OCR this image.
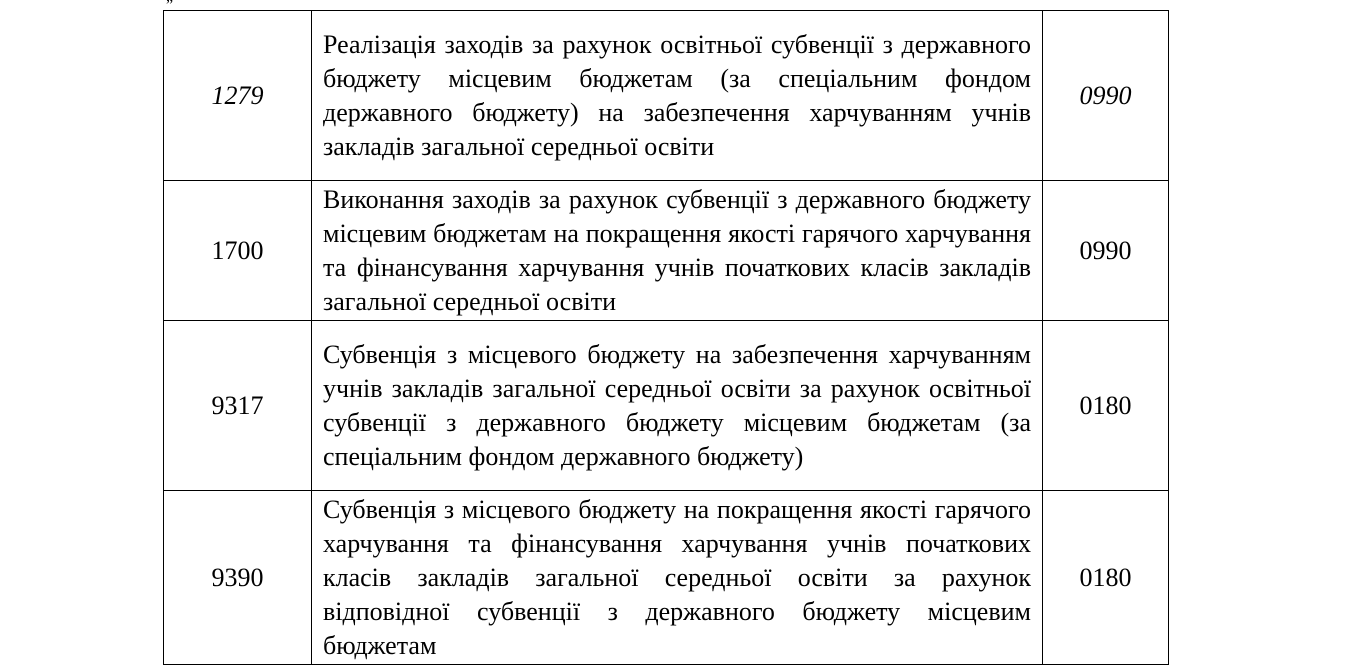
1279	Реалізація заходів за рахунок освітньої субвенції з державного бюджету місцевим бюджетам (за спеціальним фондом державного бюджету) на забезпечення харчуванням учнів закладів загальної середньої освіти	0990
1700	Виконання заходів за рахунок субвенції з державного бюджету місцевим бюджетам на покращення якості гарячого харчування та фінансування харчування учнів початкових класів закладів загальної середньої освіти	0990
9317	Субвенція з місцевого бюджету на забезпечення харчуванням учнів закладів загальної середньої освіти за рахунок освітньої субвенції з державного бюджету місцевим бюджетам (за спеціальним фондом державного бюджету)	0180
9390	Субвенція з місцевого бюджету на покращення якості гарячого харчування та фінансування харчування учнів початкових класів закладів загальної середньої освіти за рахунок відповідної субвенції з державного бюджету місцевим бюджетам	0180
